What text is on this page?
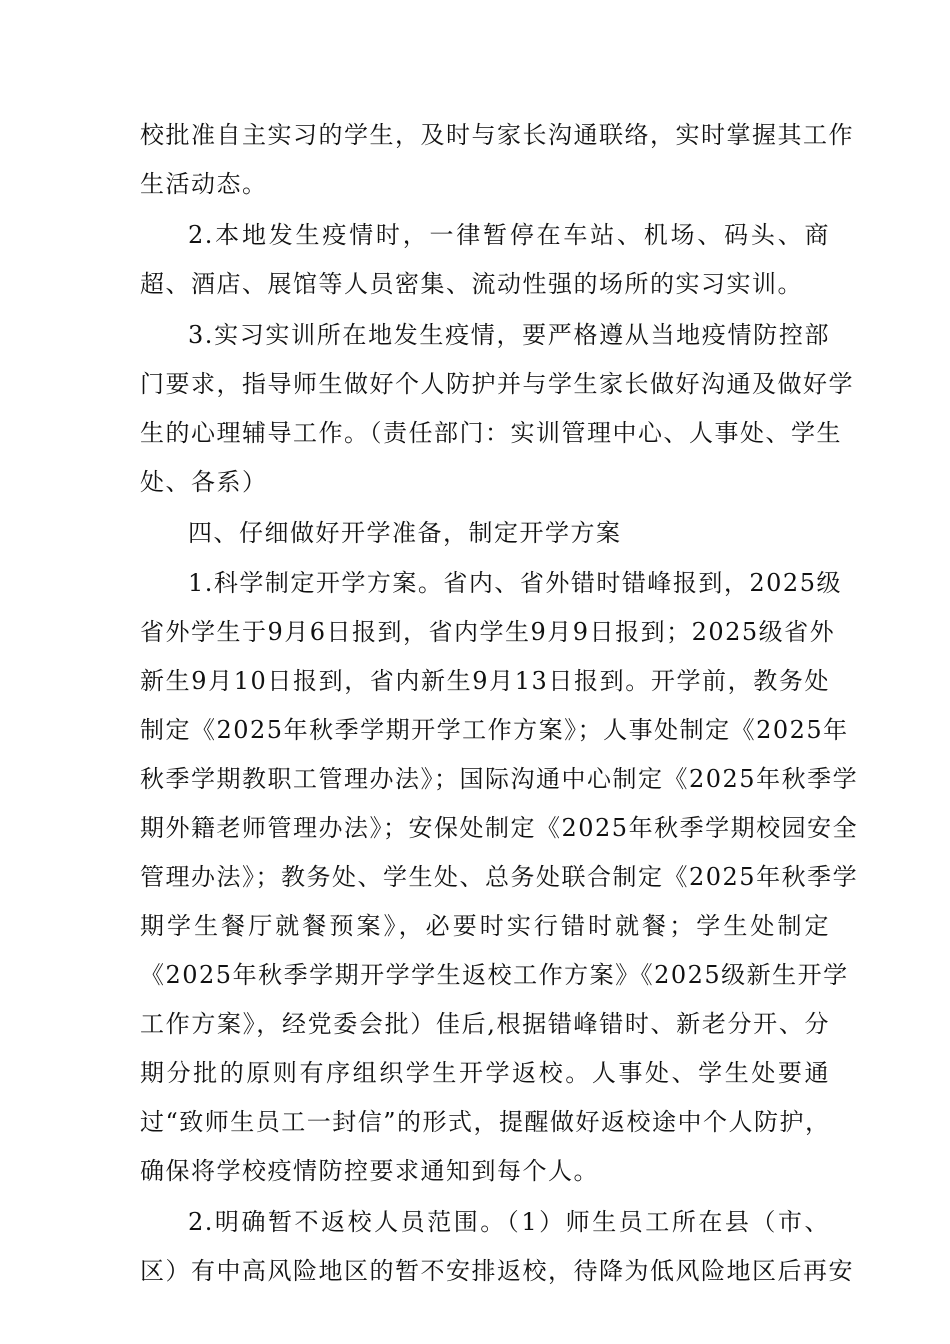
校批准自主实习的学生，及时与家长沟通联络，实时掌握其工作
生活动态。
2.本地发生疫情时，一律暂停在车站、机场、码头、商
超、酒店、展馆等人员密集、流动性强的场所的实习实训。
3.实习实训所在地发生疫情，要严格遵从当地疫情防控部
门要求，指导师生做好个人防护并与学生家长做好沟通及做好学
生的心理辅导工作。（责任部门：实训管理中心、人事处、学生
处、各系）
四、仔细做好开学准备，制定开学方案
1.科学制定开学方案。省内、省外错时错峰报到，2025级
省外学生于9月6日报到，省内学生9月9日报到；2025级省外
新生9月10日报到，省内新生9月13日报到。开学前，教务处
制定《2025年秋季学期开学工作方案》；人事处制定《2025年
秋季学期教职工管理办法》；国际沟通中心制定《2025年秋季学
期外籍老师管理办法》；安保处制定《2025年秋季学期校园安全
管理办法》；教务处、学生处、总务处联合制定《2025年秋季学
期学生餐厅就餐预案》，必要时实行错时就餐；学生处制定
《2025年秋季学期开学学生返校工作方案》《2025级新生开学
工作方案》，经党委会批）佳后,根据错峰错时、新老分开、分
期分批的原则有序组织学生开学返校。人事处、学生处要通
过“致师生员工一封信”的形式，提醒做好返校途中个人防护，
确保将学校疫情防控要求通知到每个人。
2.明确暂不返校人员范围。（1）师生员工所在县（市、
区）有中高风险地区的暂不安排返校，待降为低风险地区后再安
